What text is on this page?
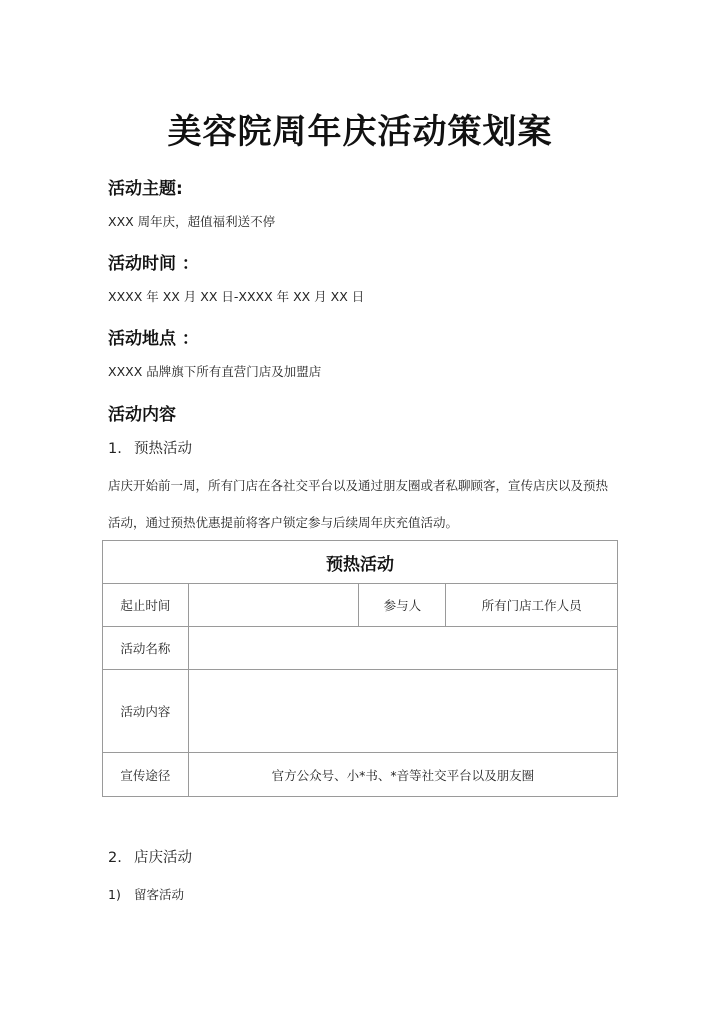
美容院周年庆活动策划案
活动主题:
XXX 周年庆，超值福利送不停
活动时间 ：
XXXX 年 XX 月 XX 日-XXXX 年 XX 月 XX 日
活动地点 ：
XXXX 品牌旗下所有直营门店及加盟店
活动内容
1. 预热活动
店庆开始前一周，所有门店在各社交平台以及通过朋友圈或者私聊顾客，宣传店庆以及预热
活动，通过预热优惠提前将客户锁定参与后续周年庆充值活动。
预热活动			
起止时间		参与人	所有门店工作人员
活动名称			
活动内容			
宣传途径	官方公众号、小*书、*音等社交平台以及朋友圈		
2. 店庆活动
1) 留客活动
